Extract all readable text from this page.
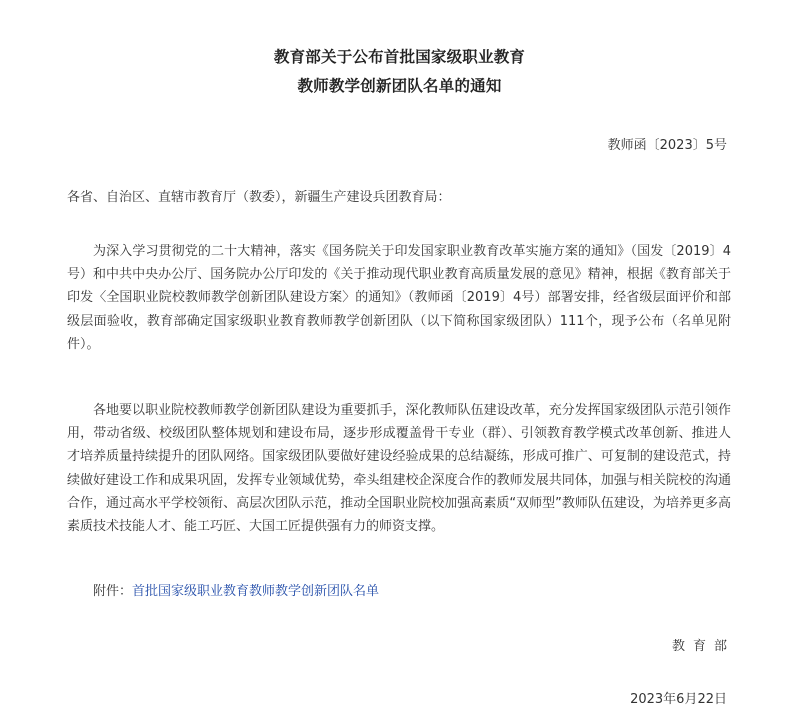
教育部关于公布首批国家级职业教育
教师教学创新团队名单的通知
教师函〔2023〕5号
各省、自治区、直辖市教育厅（教委），新疆生产建设兵团教育局：

为深入学习贯彻党的二十大精神，落实《国务院关于印发国家职业教育改革实施方案的通知》（国发〔2019〕4号）和中共中央办公厅、国务院办公厅印发的《关于推动现代职业教育高质量发展的意见》精神，根据《教育部关于印发〈全国职业院校教师教学创新团队建设方案〉的通知》（教师函〔2019〕4号）部署安排，经省级层面评价和部级层面验收，教育部确定国家级职业教育教师教学创新团队（以下简称国家级团队）111个，现予公布（名单见附件）。

各地要以职业院校教师教学创新团队建设为重要抓手，深化教师队伍建设改革，充分发挥国家级团队示范引领作用，带动省级、校级团队整体规划和建设布局，逐步形成覆盖骨干专业（群）、引领教育教学模式改革创新、推进人才培养质量持续提升的团队网络。国家级团队要做好建设经验成果的总结凝练，形成可推广、可复制的建设范式，持续做好建设工作和成果巩固，发挥专业领域优势，牵头组建校企深度合作的教师发展共同体，加强与相关院校的沟通合作，通过高水平学校领衔、高层次团队示范，推动全国职业院校加强高素质“双师型”教师队伍建设，为培养更多高素质技术技能人才、能工巧匠、大国工匠提供强有力的师资支撑。

附件：首批国家级职业教育教师教学创新团队名单
教育部
2023年6月22日
